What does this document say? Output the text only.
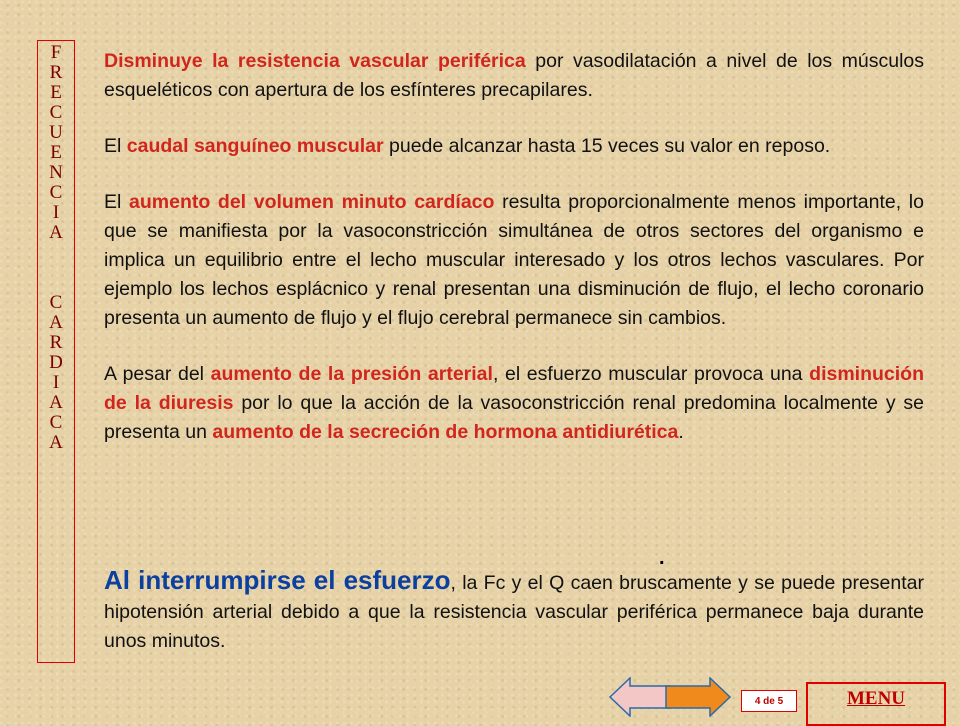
F
R
E
C
U
E
N
C
I
A
C
A
R
D
I
A
C
A

Disminuye la resistencia vascular periférica por vasodilatación a nivel de los músculos esqueléticos con apertura de los esfínteres precapilares.

El caudal sanguíneo muscular puede alcanzar hasta 15 veces su valor en reposo.

El aumento del volumen minuto cardíaco resulta proporcionalmente menos importante, lo que se manifiesta por la vasoconstricción simultánea de otros sectores del organismo e implica un equilibrio entre el lecho muscular interesado y los otros lechos vasculares. Por ejemplo los lechos esplácnico y renal presentan una disminución de flujo, el lecho coronario presenta un aumento de flujo y el flujo cerebral permanece sin cambios.

A pesar del aumento de la presión arterial, el esfuerzo muscular provoca una disminución de la diuresis por lo que la acción de la vasoconstricción renal predomina localmente y se presenta un aumento de la secreción de hormona antidiurética.

.
Al interrumpirse el esfuerzo, la Fc y el Q caen bruscamente y se puede presentar hipotensión arterial debido a que la resistencia vascular periférica permanece baja durante unos minutos.
4 de 5	MENU
